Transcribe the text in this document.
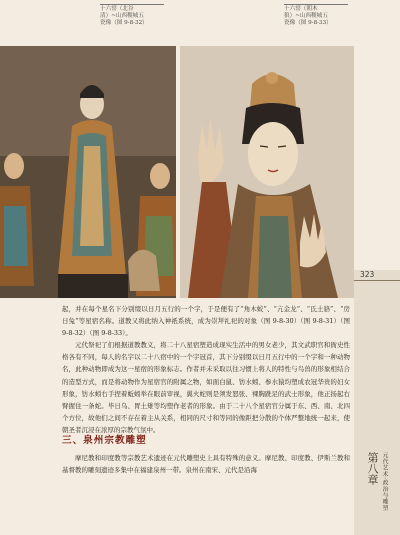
十六窑（北谷
清）~山西稷城五
瓷像（图 9-8-32）
十六窑（朝木
狼）~山西稷城五
瓷像（图 9-8-33）
323
第八章 元代艺术·政治与雕塑

起，并在每个星名下分别缀以日月五行的一个字，于是便有了“角木蛟”、“亢金龙”、“氐土貉”、“房日兔”等星宿名称。道教又将此纳入神祇系统，成为崇拜礼祀的对象（图 9-8-30）（图 9-8-31）（图 9-8-32）（图 9-8-33）。

元代祭祀了们根据道教教义，将二十八星宿塑造成现实生活中的男女老少，其文武职官和衙史性格各有不同，每人的名字以二十八宿中的一个字冠首，其下分别缀以日月五行中的一个字和一种动物名，此种动物即成为这一星宿的形象标志。作者并未采取以往习惯上将人的特性与鸟兽的形象相结合的造型方式，而是将动物作为星宿官的附属之物，如面白鼠、钫水蚓、参水猿均塑成农冠华贵的妇女形象，钫水蚓右手捏着蚯蚓举在眼前审视，翼火蛇则是须发怒张、裸胸跣足的武士形象，他正扬起右臂握住一条蛇。毕日乌、胃土雉等均塑作老者的形象。由于二十八个星宿官分属于东、西、南、北四个方位，故他们之间不存在着主从关系，相同的尺寸和等同的像距把分散的个体严整地统一起来，使朝圣者沉浸在浓厚的宗教气氛中。

三、泉州宗教雕塑

摩尼教和印度教等宗教艺术遗迹在元代雕塑史上具有特殊的意义。摩尼教、印度教、伊斯兰教和基督教的雕刻遗迹多集中在福建泉州一带。泉州在南宋、元代是沿海
